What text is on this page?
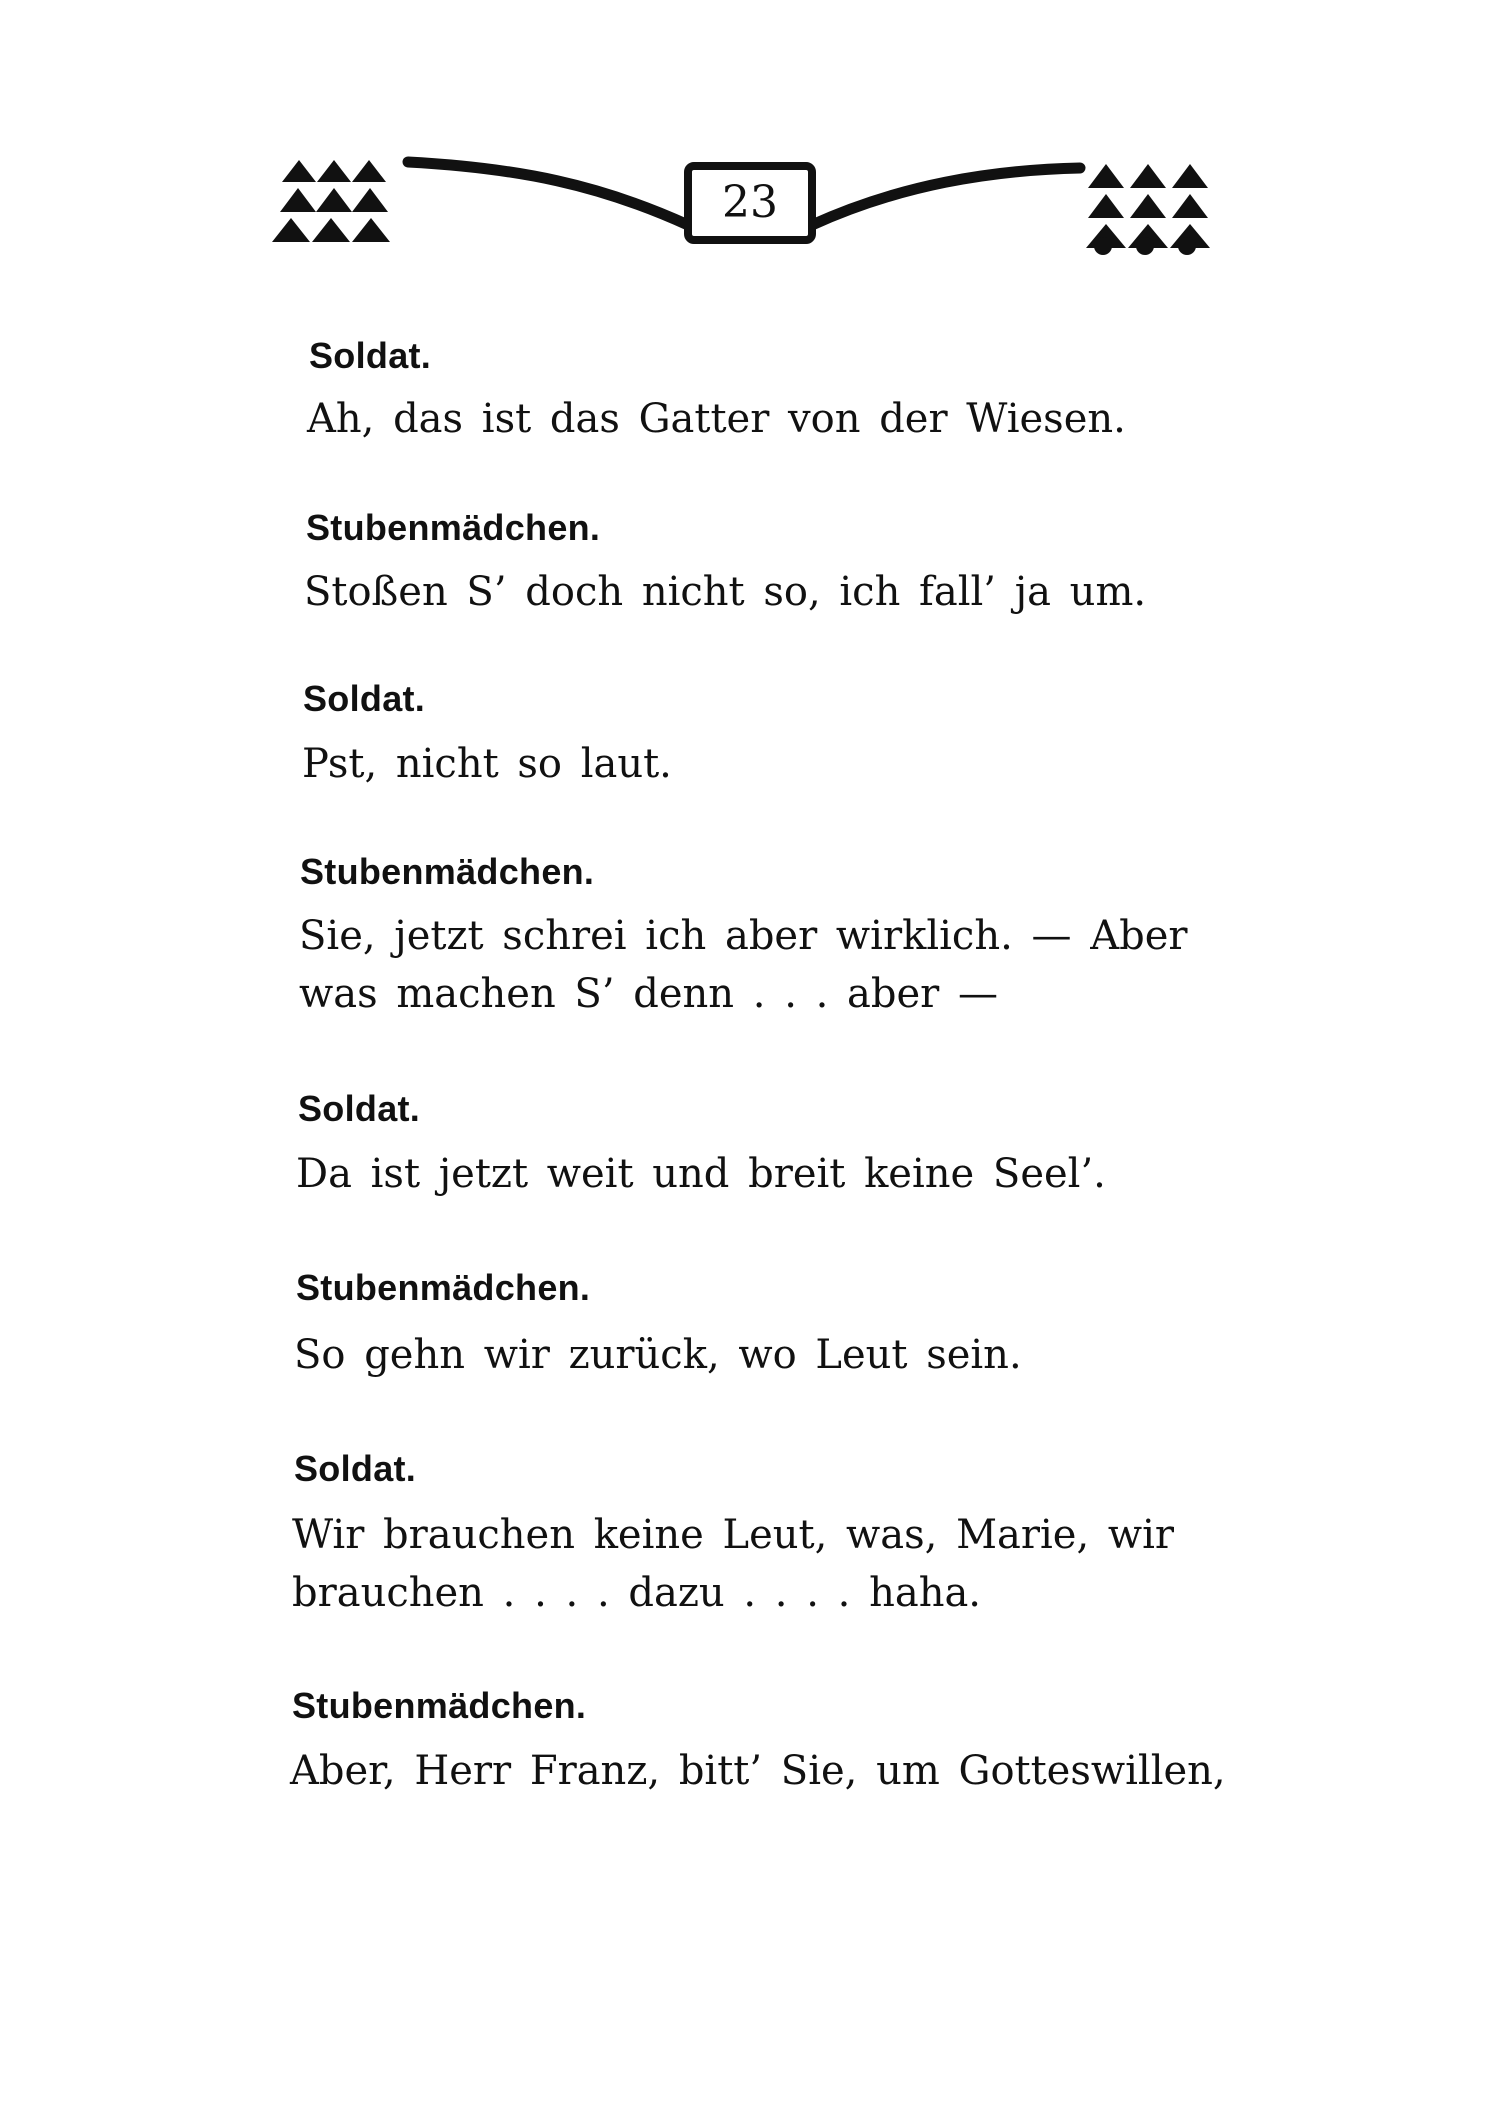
23
Soldat.
Ah, das ist das Gatter von der Wiesen.
Stubenmädchen.
Stoßen S’ doch nicht so, ich fall’ ja um.
Soldat.
Pst, nicht so laut.
Stubenmädchen.
Sie, jetzt schrei ich aber wirklich. — Aber
was machen S’ denn . . . aber —
Soldat.
Da ist jetzt weit und breit keine Seel’.
Stubenmädchen.
So gehn wir zurück, wo Leut sein.
Soldat.
Wir brauchen keine Leut, was, Marie, wir
brauchen . . . . dazu . . . . haha.
Stubenmädchen.
Aber, Herr Franz, bitt’ Sie, um Gotteswillen,
